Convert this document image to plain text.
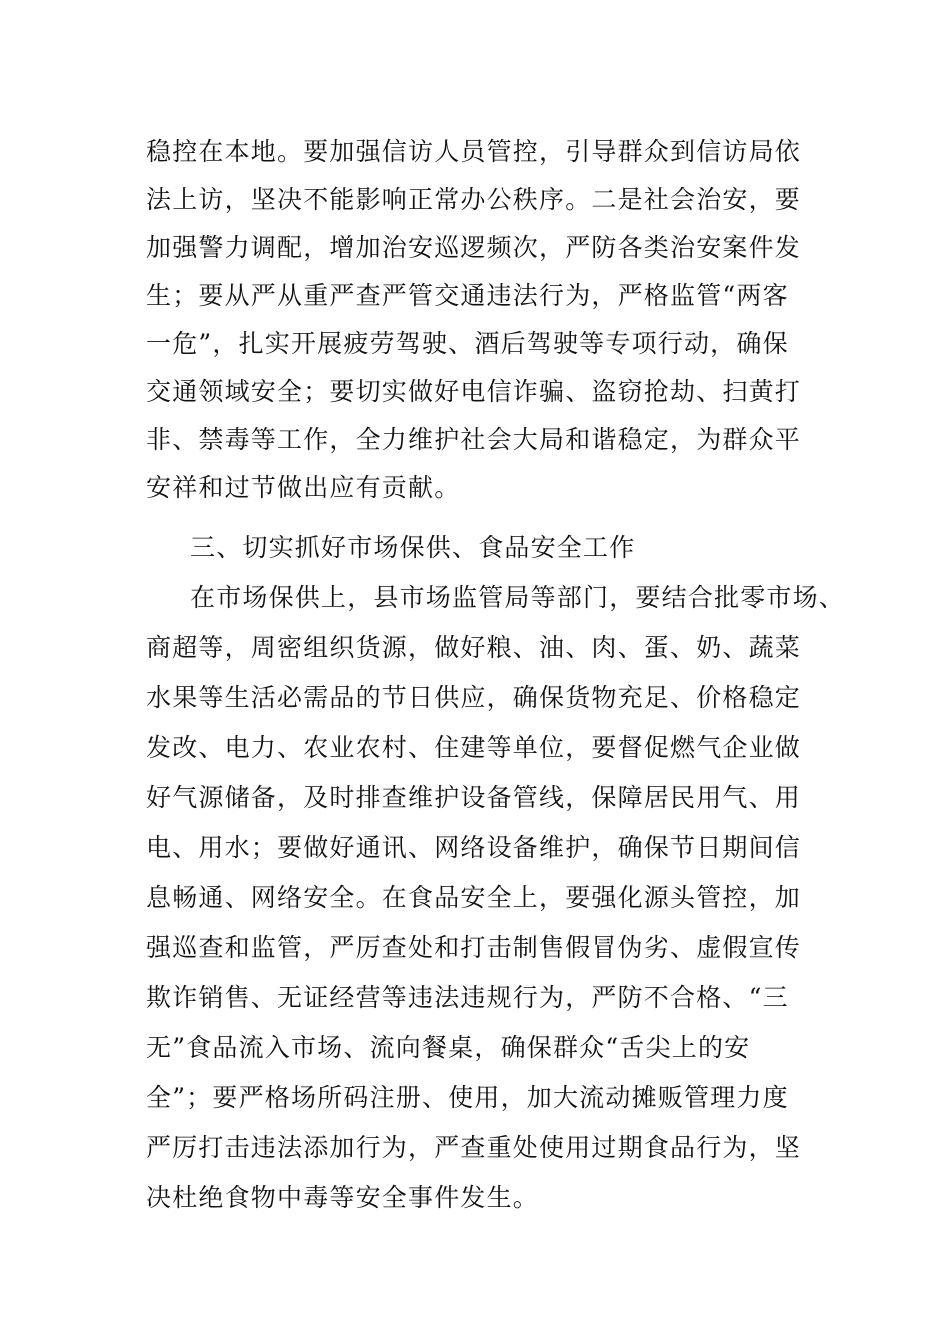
稳控在本地。要加强信访人员管控，引导群众到信访局依
法上访，坚决不能影响正常办公秩序。二是社会治安，要
加强警力调配，增加治安巡逻频次，严防各类治安案件发
生；要从严从重严查严管交通违法行为，严格监管“两客
一危”，扎实开展疲劳驾驶、酒后驾驶等专项行动，确保
交通领域安全；要切实做好电信诈骗、盗窃抢劫、扫黄打
非、禁毒等工作，全力维护社会大局和谐稳定，为群众平
安祥和过节做出应有贡献。
三、切实抓好市场保供、食品安全工作
在市场保供上，县市场监管局等部门，要结合批零市场、
商超等，周密组织货源，做好粮、油、肉、蛋、奶、蔬菜
水果等生活必需品的节日供应，确保货物充足、价格稳定
发改、电力、农业农村、住建等单位，要督促燃气企业做
好气源储备，及时排查维护设备管线，保障居民用气、用
电、用水；要做好通讯、网络设备维护，确保节日期间信
息畅通、网络安全。在食品安全上，要强化源头管控，加
强巡查和监管，严厉查处和打击制售假冒伪劣、虚假宣传
欺诈销售、无证经营等违法违规行为，严防不合格、“三
无”食品流入市场、流向餐桌，确保群众“舌尖上的安
全”；要严格场所码注册、使用，加大流动摊贩管理力度
严厉打击违法添加行为，严查重处使用过期食品行为，坚
决杜绝食物中毒等安全事件发生。
